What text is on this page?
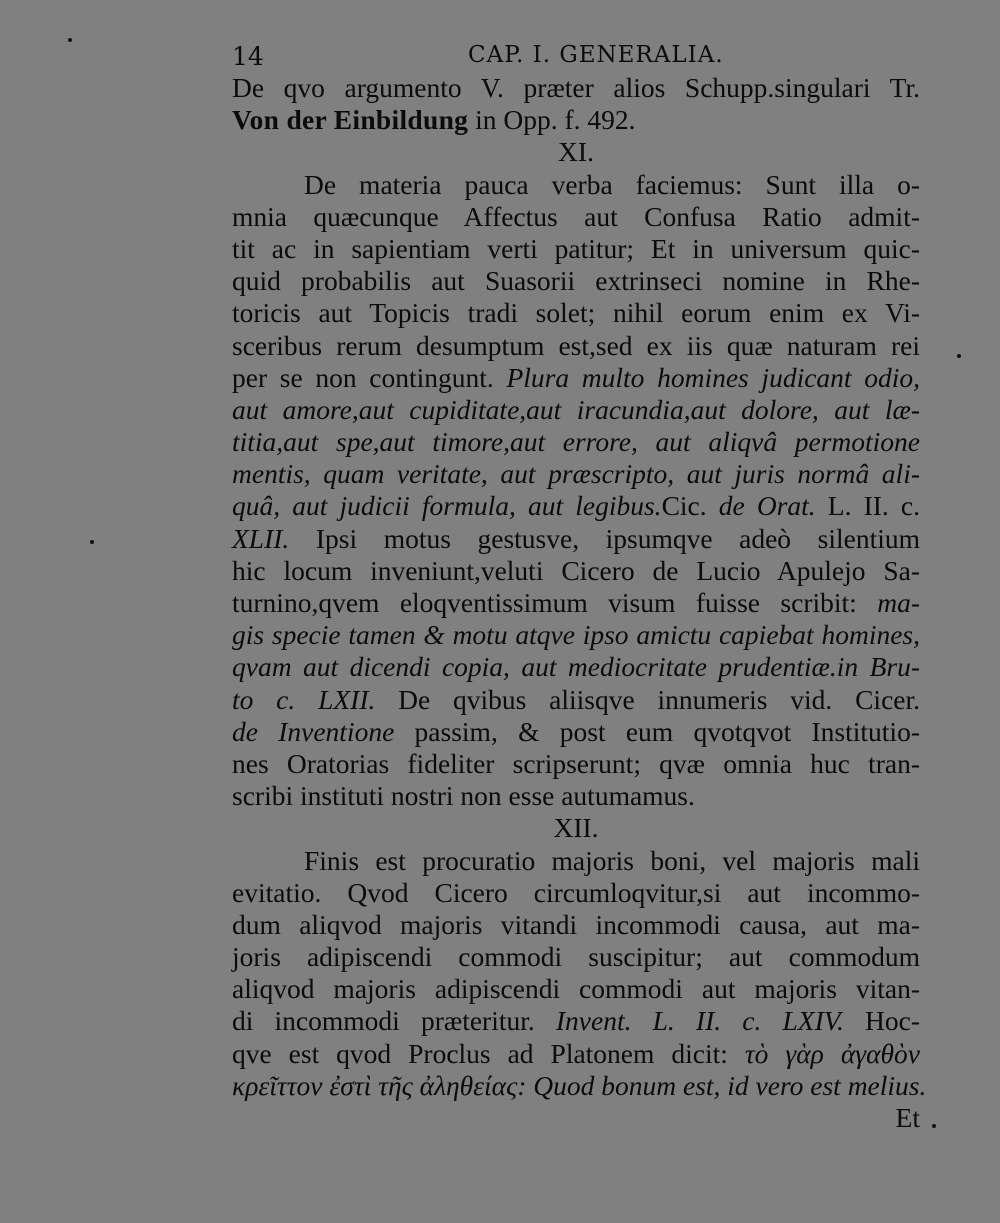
14	CAP. I. GENERALIA.
De qvo argumento V. præter alios Schupp.singulari Tr.
Von der Einbildung in Opp. f. 492.
XI.
De materia pauca verba faciemus: Sunt illa o-
mnia quæcunque Affectus aut Confusa Ratio admit-
tit ac in sapientiam verti patitur; Et in universum quic-
quid probabilis aut Suasorii extrinseci nomine in Rhe-
toricis aut Topicis tradi solet; nihil eorum enim ex Vi-
sceribus rerum desumptum est,sed ex iis quæ naturam rei
per se non contingunt. Plura multo homines judicant odio,
aut amore,aut cupiditate,aut iracundia,aut dolore, aut læ-
titia,aut spe,aut timore,aut errore, aut aliqvâ permotione
mentis, quam veritate, aut præscripto, aut juris normâ ali-
quâ, aut judicii formula, aut legibus.Cic. de Orat. L. II. c.
XLII. Ipsi motus gestusve, ipsumqve adeò silentium
hic locum inveniunt,veluti Cicero de Lucio Apulejo Sa-
turnino,qvem eloqventissimum visum fuisse scribit: ma-
gis specie tamen & motu atqve ipso amictu capiebat homines,
qvam aut dicendi copia, aut mediocritate prudentiæ.in Bru-
to c. LXII. De qvibus aliisqve innumeris vid. Cicer.
de Inventione passim, & post eum qvotqvot Institutio-
nes Oratorias fideliter scripserunt; qvæ omnia huc tran-
scribi instituti nostri non esse autumamus.
XII.
Finis est procuratio majoris boni, vel majoris mali
evitatio. Qvod Cicero circumloqvitur,si aut incommo-
dum aliqvod majoris vitandi incommodi causa, aut ma-
joris adipiscendi commodi suscipitur; aut commodum
aliqvod majoris adipiscendi commodi aut majoris vitan-
di incommodi præteritur. Invent. L. II. c. LXIV. Hoc-
qve est qvod Proclus ad Platonem dicit: τὸ γὰρ ἀγαθὸν
κρεῖττον ἐστὶ τῆς ἀληθείας: Quod bonum est, id vero est melius.
Et
